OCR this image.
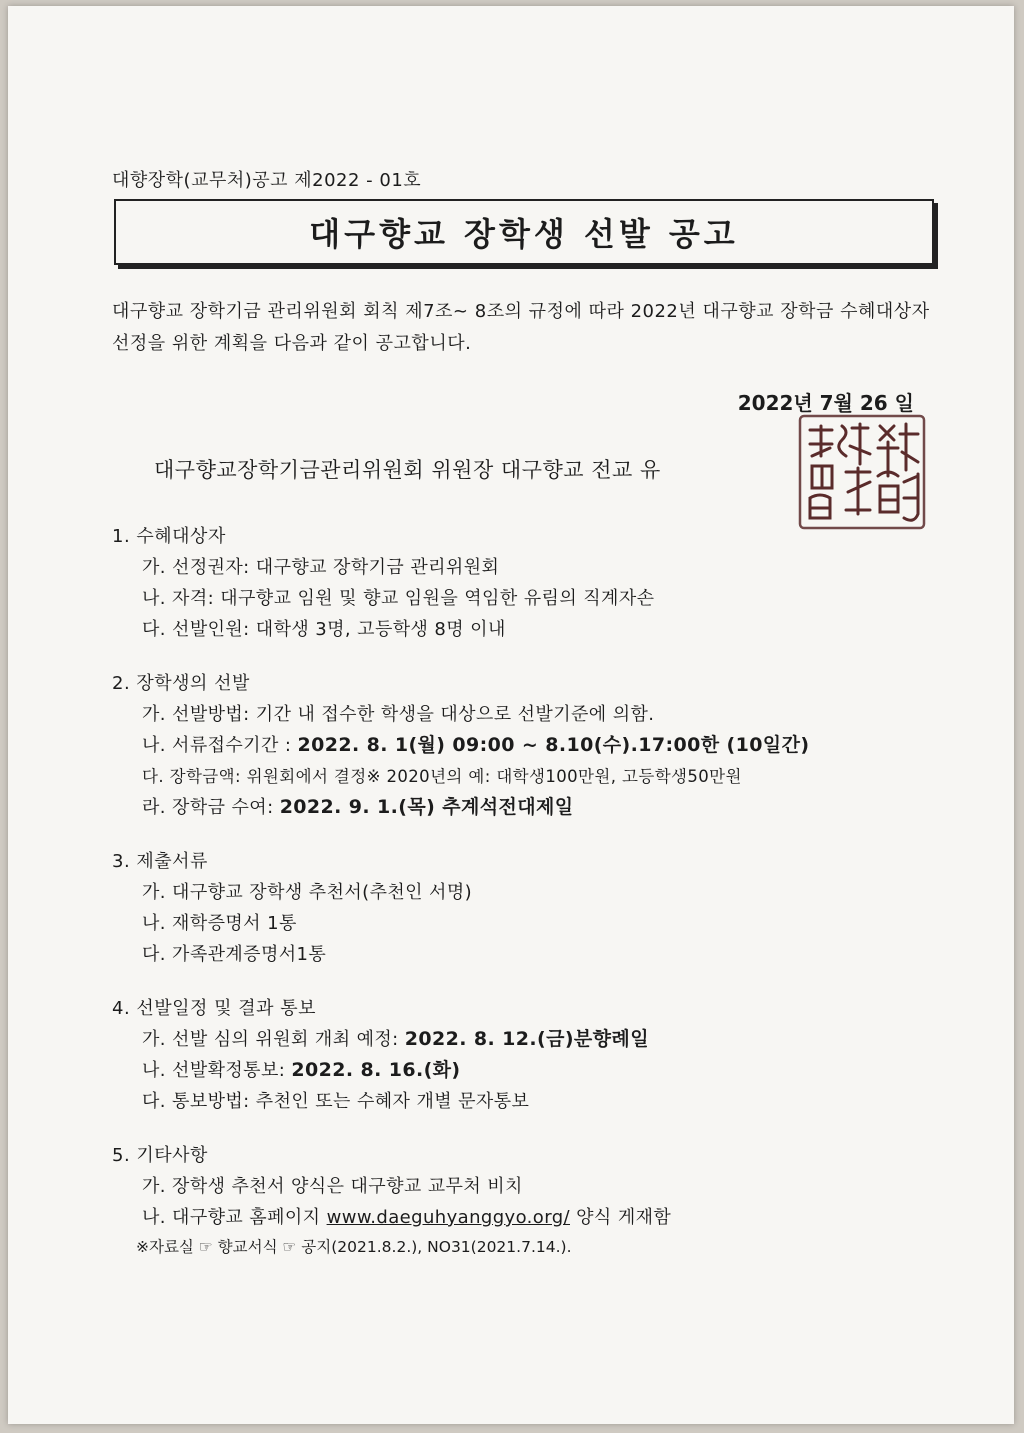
대향장학(교무처)공고 제2022 - 01호
대구향교 장학생 선발 공고
대구향교 장학기금 관리위원회 회칙 제7조~ 8조의 규정에 따라 2022년 대구향교 장학금 수혜대상자 선정을 위한 계획을 다음과 같이 공고합니다.
2022년 7월 26 일
대구향교장학기금관리위원회 위원장 대구향교 전교 유
1. 수혜대상자
가. 선정권자: 대구향교 장학기금 관리위원회
나. 자격: 대구향교 임원 및 향교 임원을 역임한 유림의 직계자손
다. 선발인원: 대학생 3명, 고등학생 8명 이내
2. 장학생의 선발
가. 선발방법: 기간 내 접수한 학생을 대상으로 선발기준에 의함.
나. 서류접수기간 : 2022. 8. 1(월) 09:00 ~ 8.10(수).17:00한 (10일간)
다. 장학금액: 위원회에서 결정※ 2020년의 예: 대학생100만원, 고등학생50만원
라. 장학금 수여: 2022. 9. 1.(목) 추계석전대제일
3. 제출서류
가. 대구향교 장학생 추천서(추천인 서명)
나. 재학증명서 1통
다. 가족관계증명서1통
4. 선발일정 및 결과 통보
가. 선발 심의 위원회 개최 예정: 2022. 8. 12.(금)분향례일
나. 선발확정통보: 2022. 8. 16.(화)
다. 통보방법: 추천인 또는 수혜자 개별 문자통보
5. 기타사항
가. 장학생 추천서 양식은 대구향교 교무처 비치
나. 대구향교 홈페이지 www.daeguhyanggyo.org/ 양식 게재함
※자료실 ☞ 향교서식 ☞ 공지(2021.8.2.), NO31(2021.7.14.).
